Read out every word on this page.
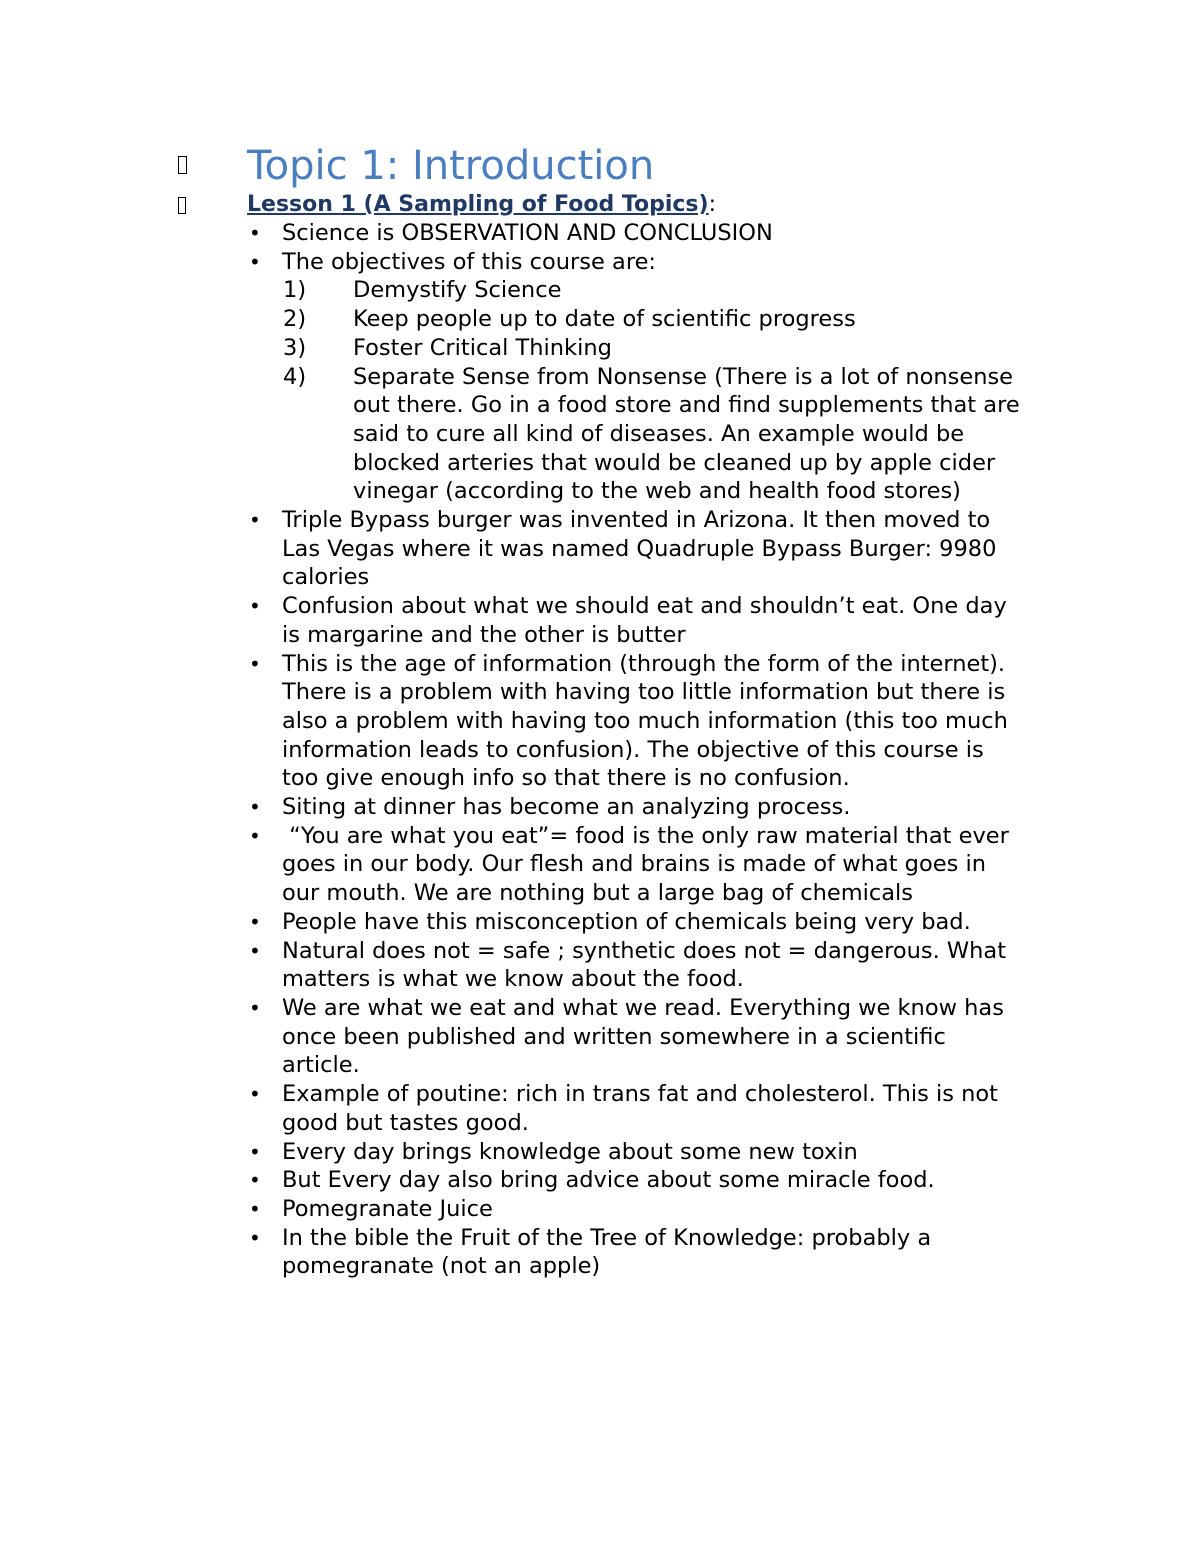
Topic 1: Introduction
Lesson 1 (A Sampling of Food Topics):
• Science is OBSERVATION AND CONCLUSION
• The objectives of this course are:
1) Demystify Science
2) Keep people up to date of scientific progress
3) Foster Critical Thinking
4) Separate Sense from Nonsense (There is a lot of nonsense out there. Go in a food store and find supplements that are said to cure all kind of diseases. An example would be blocked arteries that would be cleaned up by apple cider vinegar (according to the web and health food stores)
• Triple Bypass burger was invented in Arizona. It then moved to Las Vegas where it was named Quadruple Bypass Burger: 9980 calories
• Confusion about what we should eat and shouldn’t eat. One day is margarine and the other is butter
• This is the age of information (through the form of the internet). There is a problem with having too little information but there is also a problem with having too much information (this too much information leads to confusion). The objective of this course is too give enough info so that there is no confusion.
• Siting at dinner has become an analyzing process.
• “You are what you eat”= food is the only raw material that ever goes in our body. Our flesh and brains is made of what goes in our mouth. We are nothing but a large bag of chemicals
• People have this misconception of chemicals being very bad.
• Natural does not = safe ; synthetic does not = dangerous. What matters is what we know about the food.
• We are what we eat and what we read. Everything we know has once been published and written somewhere in a scientific article.
• Example of poutine: rich in trans fat and cholesterol. This is not good but tastes good.
• Every day brings knowledge about some new toxin
• But Every day also bring advice about some miracle food.
• Pomegranate Juice
• In the bible the Fruit of the Tree of Knowledge: probably a pomegranate (not an apple)
